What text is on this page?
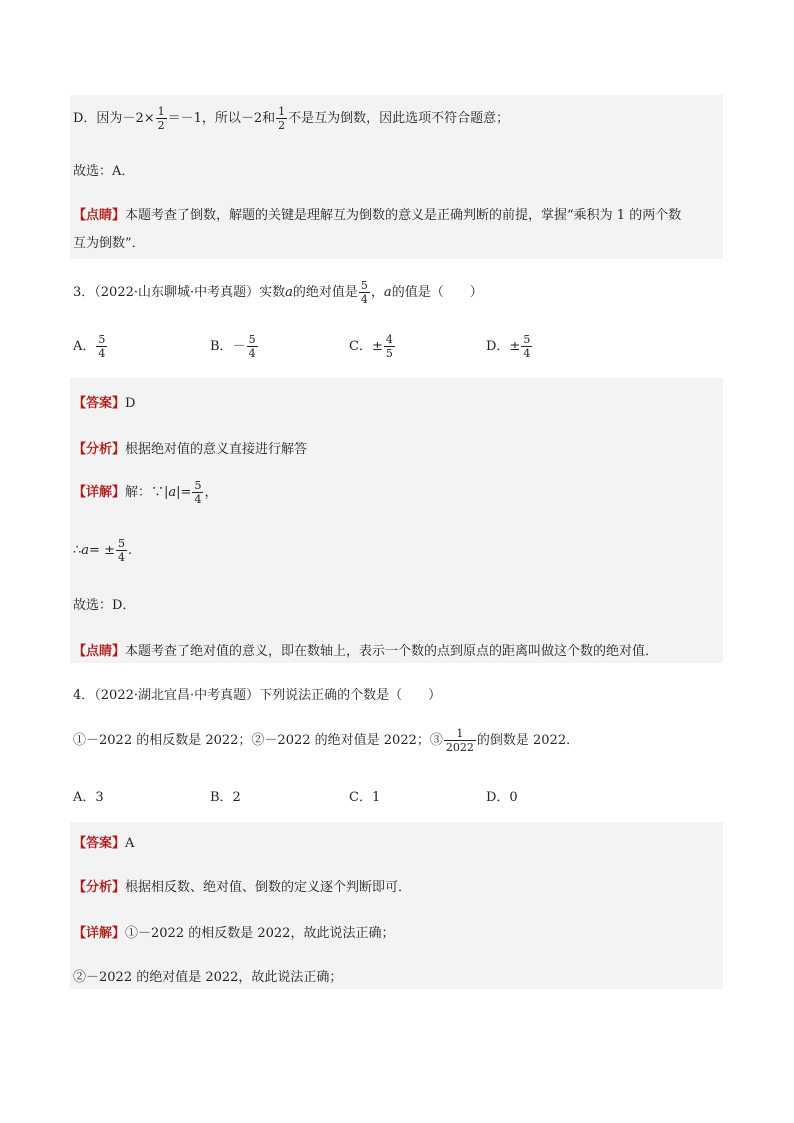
D．因为$-2\times \frac{1}{2} =-1$，所以－2和 $\frac{1}{2}$ 不是互为倒数，因此选项不符合题意；
故选：A．
【点睛】本题考查了倒数，解题的关键是理解互为倒数的意义是正确判断的前提，掌握“乘积为 1 的两个数
互为倒数”．
3．（2022·山东聊城·中考真题）实数a的绝对值是 $\frac{5}{4}$ ，a的值是（　　）
A． $\frac{5}{4}$	B．－ $\frac{5}{4}$	C．± $\frac{4}{5}$	D．± $\frac{5}{4}$
【答案】D
【分析】根据绝对值的意义直接进行解答
【详解】解：∵|a|= $\frac{5}{4}$ ，
∴a= ± $\frac{5}{4}$ .
故选：D．
【点睛】本题考查了绝对值的意义，即在数轴上，表示一个数的点到原点的距离叫做这个数的绝对值．
4．（2022·湖北宜昌·中考真题）下列说法正确的个数是（　　）
①－2022 的相反数是 2022；②－2022 的绝对值是 2022；③ $\frac{1}{2022}$ 的倒数是 2022．
A．3	B．2	C．1	D．0
【答案】A
【分析】根据相反数、绝对值、倒数的定义逐个判断即可．
【详解】①－2022 的相反数是 2022，故此说法正确；
②－2022 的绝对值是 2022，故此说法正确；
